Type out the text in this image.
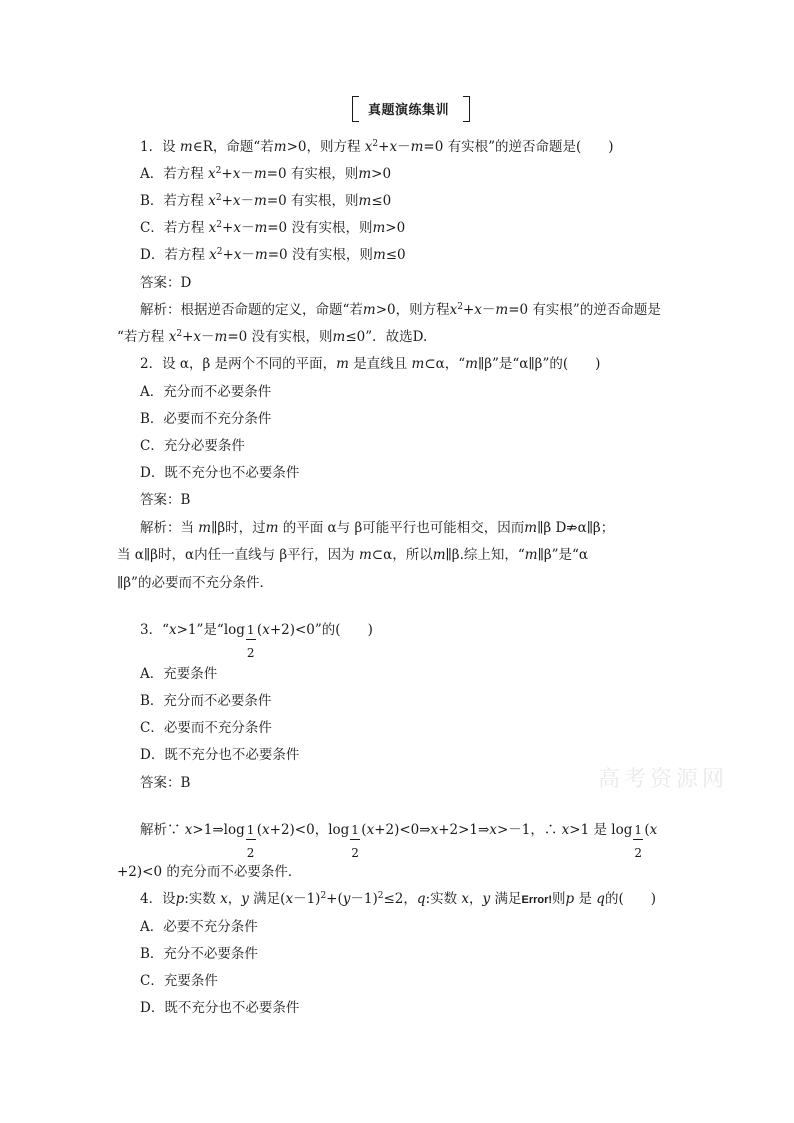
真题演练集训
1．设 m∈R，命题“若m>0，则方程 $x^2+x-m=0$ 有实根”的逆否命题是(　　)
A．若方程 $x^2+x-m=0$ 有实根，则m>0
B．若方程 $x^2+x-m=0$ 有实根，则m≤0
C．若方程 $x^2+x-m=0$ 没有实根，则m>0
D．若方程 $x^2+x-m=0$ 没有实根，则m≤0
答案：D
解析：根据逆否命题的定义，命题“若m>0，则方程$x^2+x-m=0$ 有实根”的逆否命题是
“若方程 $x^2+x-m=0$ 没有实根，则m≤0”．故选D.
2．设 α，β 是两个不同的平面，m 是直线且 m⊂α，“m∥β”是“α∥β”的(　　)
A．充分而不必要条件
B．必要而不充分条件
C．充分必要条件
D．既不充分也不必要条件
答案：B
解析：当 m∥β时，过m 的平面 α与 β可能平行也可能相交，因而m∥β D⇏α∥β；
当 α∥β时，α内任一直线与 β平行，因为 m⊂α，所以m∥β.综上知，“m∥β”是“α
∥β”的必要而不充分条件．
3．“x>1”是“$\log \frac{1}{2} (x+2)<0$”的(　　)
A．充要条件
B．充分而不必要条件
C．必要而不充分条件
D．既不充分也不必要条件
答案：B
解析∵ x>1⇒log $\frac{1}{2} (x+2)<0$，$\log \frac{1}{2}$ (x+2)<0⇒x+2>1⇒x>－1，∴ x>1 是 $\log \frac{1}{2} (x$
+2)<0 的充分而不必要条件．
4．设p:实数 x，y 满足$(x-1)^2+(y-1)^2\le 2$，q:实数 x，y 满足Error!则p 是 q的(　　)
A．必要不充分条件
B．充分不必要条件
C．充要条件
D．既不充分也不必要条件
高考资源网
